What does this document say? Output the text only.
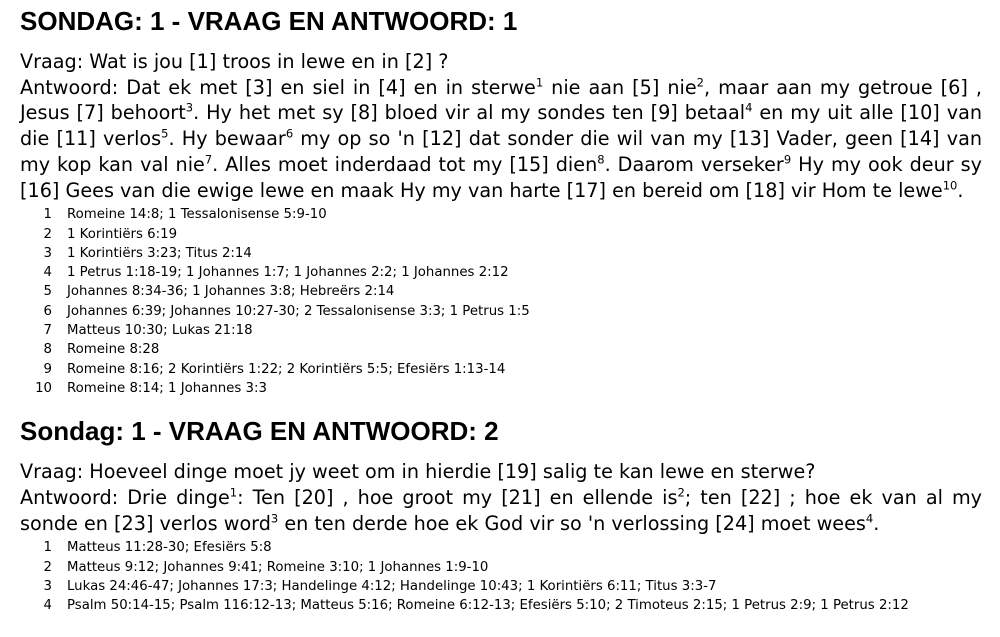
SONDAG: 1 - VRAAG EN ANTWOORD: 1

Vraag: Wat is jou [1] troos in lewe en in [2] ?

Antwoord: Dat ek met [3] en siel in [4] en in sterwe$^1$ nie aan [5] nie$^2$, maar aan my getroue [6] , Jesus [7] behoort$^3$. Hy het met sy [8] bloed vir al my sondes ten [9] betaal$^4$ en my uit alle [10] van die [11] verlos$^5$. Hy bewaar$^6$ my op so 'n [12] dat sonder die wil van my [13] Vader, geen [14] van my kop kan val nie$^7$. Alles moet inderdaad tot my [15] dien$^8$. Daarom verseker$^9$ Hy my ook deur sy [16] Gees van die ewige lewe en maak Hy my van harte [17] en bereid om [18] vir Hom te lewe$^{10}$.

1 Romeine 14:8; 1 Tessalonisense 5:9-10
2 1 Korintiërs 6:19
3 1 Korintiërs 3:23; Titus 2:14
4 1 Petrus 1:18-19; 1 Johannes 1:7; 1 Johannes 2:2; 1 Johannes 2:12
5 Johannes 8:34-36; 1 Johannes 3:8; Hebreërs 2:14
6 Johannes 6:39; Johannes 10:27-30; 2 Tessalonisense 3:3; 1 Petrus 1:5
7 Matteus 10:30; Lukas 21:18
8 Romeine 8:28
9 Romeine 8:16; 2 Korintiërs 1:22; 2 Korintiërs 5:5; Efesiërs 1:13-14
10 Romeine 8:14; 1 Johannes 3:3
Sondag: 1 - VRAAG EN ANTWOORD: 2

Vraag: Hoeveel dinge moet jy weet om in hierdie [19] salig te kan lewe en sterwe?

Antwoord: Drie dinge$^1$: Ten [20] , hoe groot my [21] en ellende $is^2$; ten [22] ; hoe ek van al my sonde en [23] verlos word$^3$ en ten derde hoe ek God vir so 'n verlossing [24] moet wees$^4$.

1 Matteus 11:28-30; Efesiërs 5:8
2 Matteus 9:12; Johannes 9:41; Romeine 3:10; 1 Johannes 1:9-10
3 Lukas 24:46-47; Johannes 17:3; Handelinge 4:12; Handelinge 10:43; 1 Korintiërs 6:11; Titus 3:3-7
4 Psalm 50:14-15; Psalm 116:12-13; Matteus 5:16; Romeine 6:12-13; Efesiërs 5:10; 2 Timoteus 2:15; 1 Petrus 2:9; 1 Petrus 2:12
